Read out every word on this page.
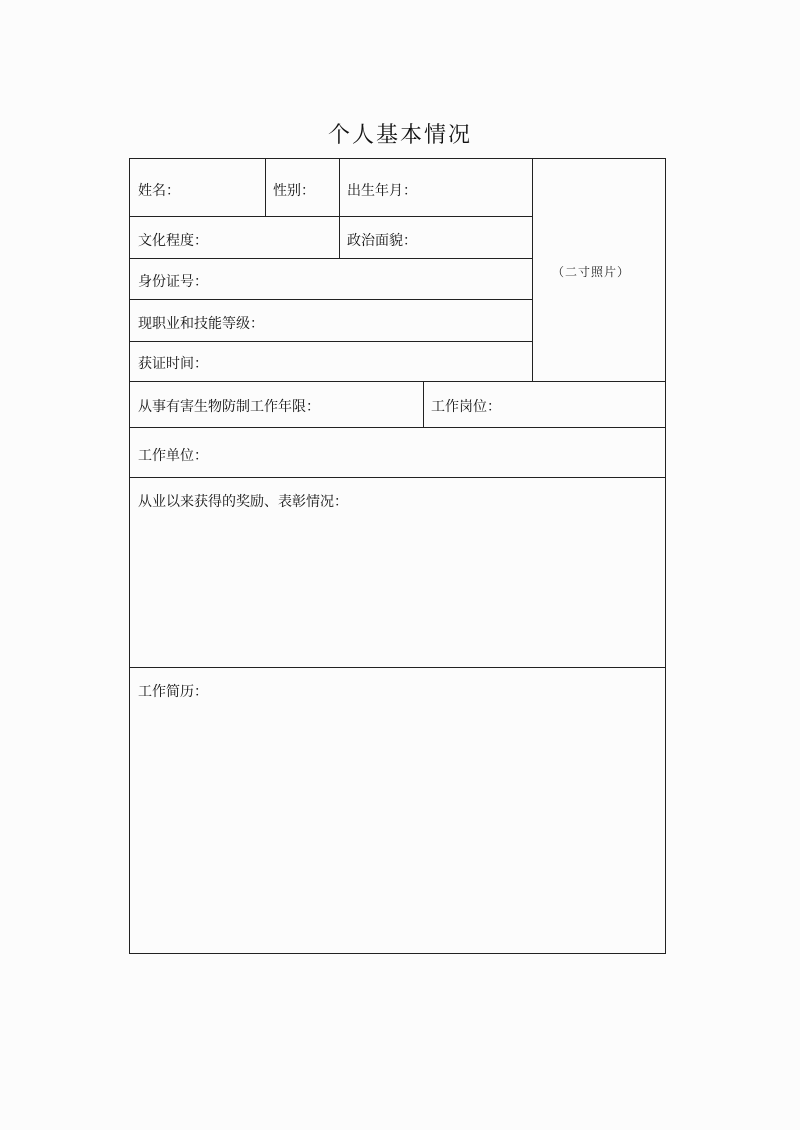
个人基本情况
姓名：	性别： 出生年月：
文化程度：	政治面貌：
身份证号：
现职业和技能等级：
获证时间：
（二寸照片）
从事有害生物防制工作年限：	工作岗位：
工作单位：
从业以来获得的奖励、表彰情况：
工作简历：
